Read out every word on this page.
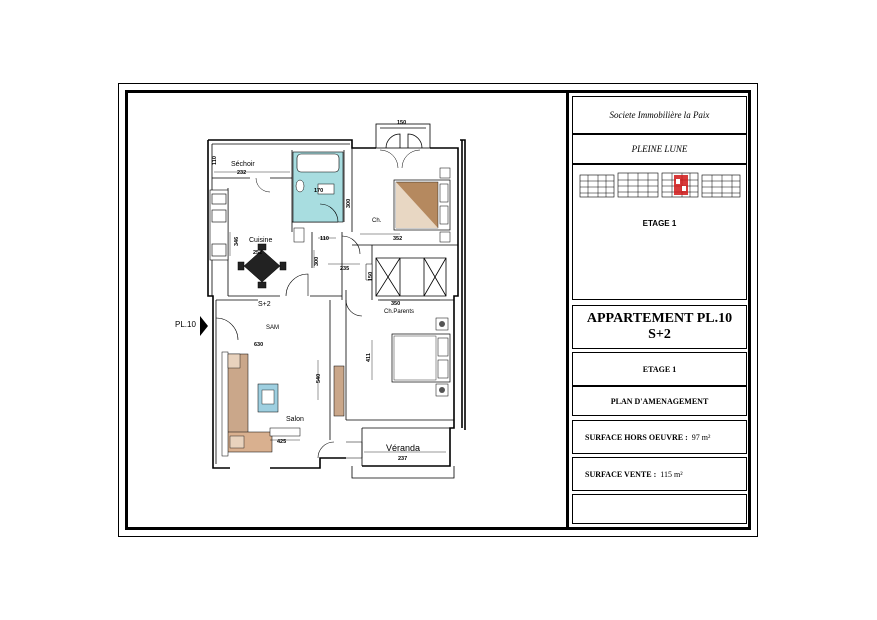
Séchoir
Cuisine
Ch.
Ch.Parents
SAM
Salon
Véranda
S+2
PL.10
150
110
232
170
300
346
252
110
235
300
352
150
350
411
630
540
425
237
Societe Immobilière la Paix
PLEINE LUNE
ETAGE 1
APPARTEMENT PL.10
S+2
ETAGE 1
PLAN D'AMENAGEMENT
SURFACE HORS OEUVRE : 97 m²
SURFACE VENTE : 115 m²
